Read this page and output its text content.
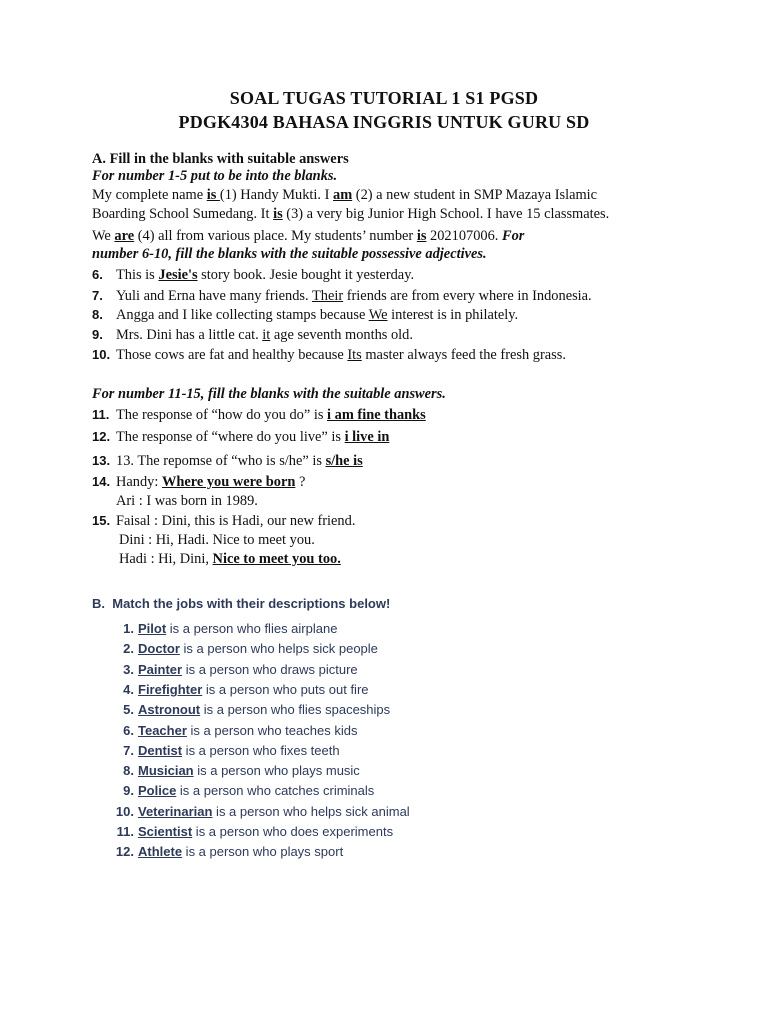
SOAL TUGAS TUTORIAL 1 S1 PGSD
PDGK4304 BAHASA INGGRIS UNTUK GURU SD
A. Fill in the blanks with suitable answers
For number 1-5 put to be into the blanks.
My complete name is (1) Handy Mukti. I am (2) a new student in SMP Mazaya Islamic
Boarding School Sumedang. It is (3) a very big Junior High School. I have 15 classmates.
We are (4) all from various place. My students’ number is 202107006. For
number 6-10, fill the blanks with the suitable possessive adjectives.
6. This is Jesie's story book. Jesie bought it yesterday.
7. Yuli and Erna have many friends. Their friends are from every where in Indonesia.
8. Angga and I like collecting stamps because We interest is in philately.
9. Mrs. Dini has a little cat. it age seventh months old.
10. Those cows are fat and healthy because Its master always feed the fresh grass.
For number 11-15, fill the blanks with the suitable answers.
11. The response of “how do you do” is i am fine thanks
12. The response of “where do you live” is i live in
13. 13. The repomse of “who is s/he” is s/he is
14. Handy: Where you were born ?
Ari : I was born in 1989.
15. Faisal : Dini, this is Hadi, our new friend.
Dini : Hi, Hadi. Nice to meet you.
Hadi : Hi, Dini, Nice to meet you too.
B. Match the jobs with their descriptions below!
1. Pilot is a person who flies airplane
2. Doctor is a person who helps sick people
3. Painter is a person who draws picture
4. Firefighter is a person who puts out fire
5. Astronout is a person who flies spaceships
6. Teacher is a person who teaches kids
7. Dentist is a person who fixes teeth
8. Musician is a person who plays music
9. Police is a person who catches criminals
10. Veterinarian is a person who helps sick animal
11. Scientist is a person who does experiments
12. Athlete is a person who plays sport
